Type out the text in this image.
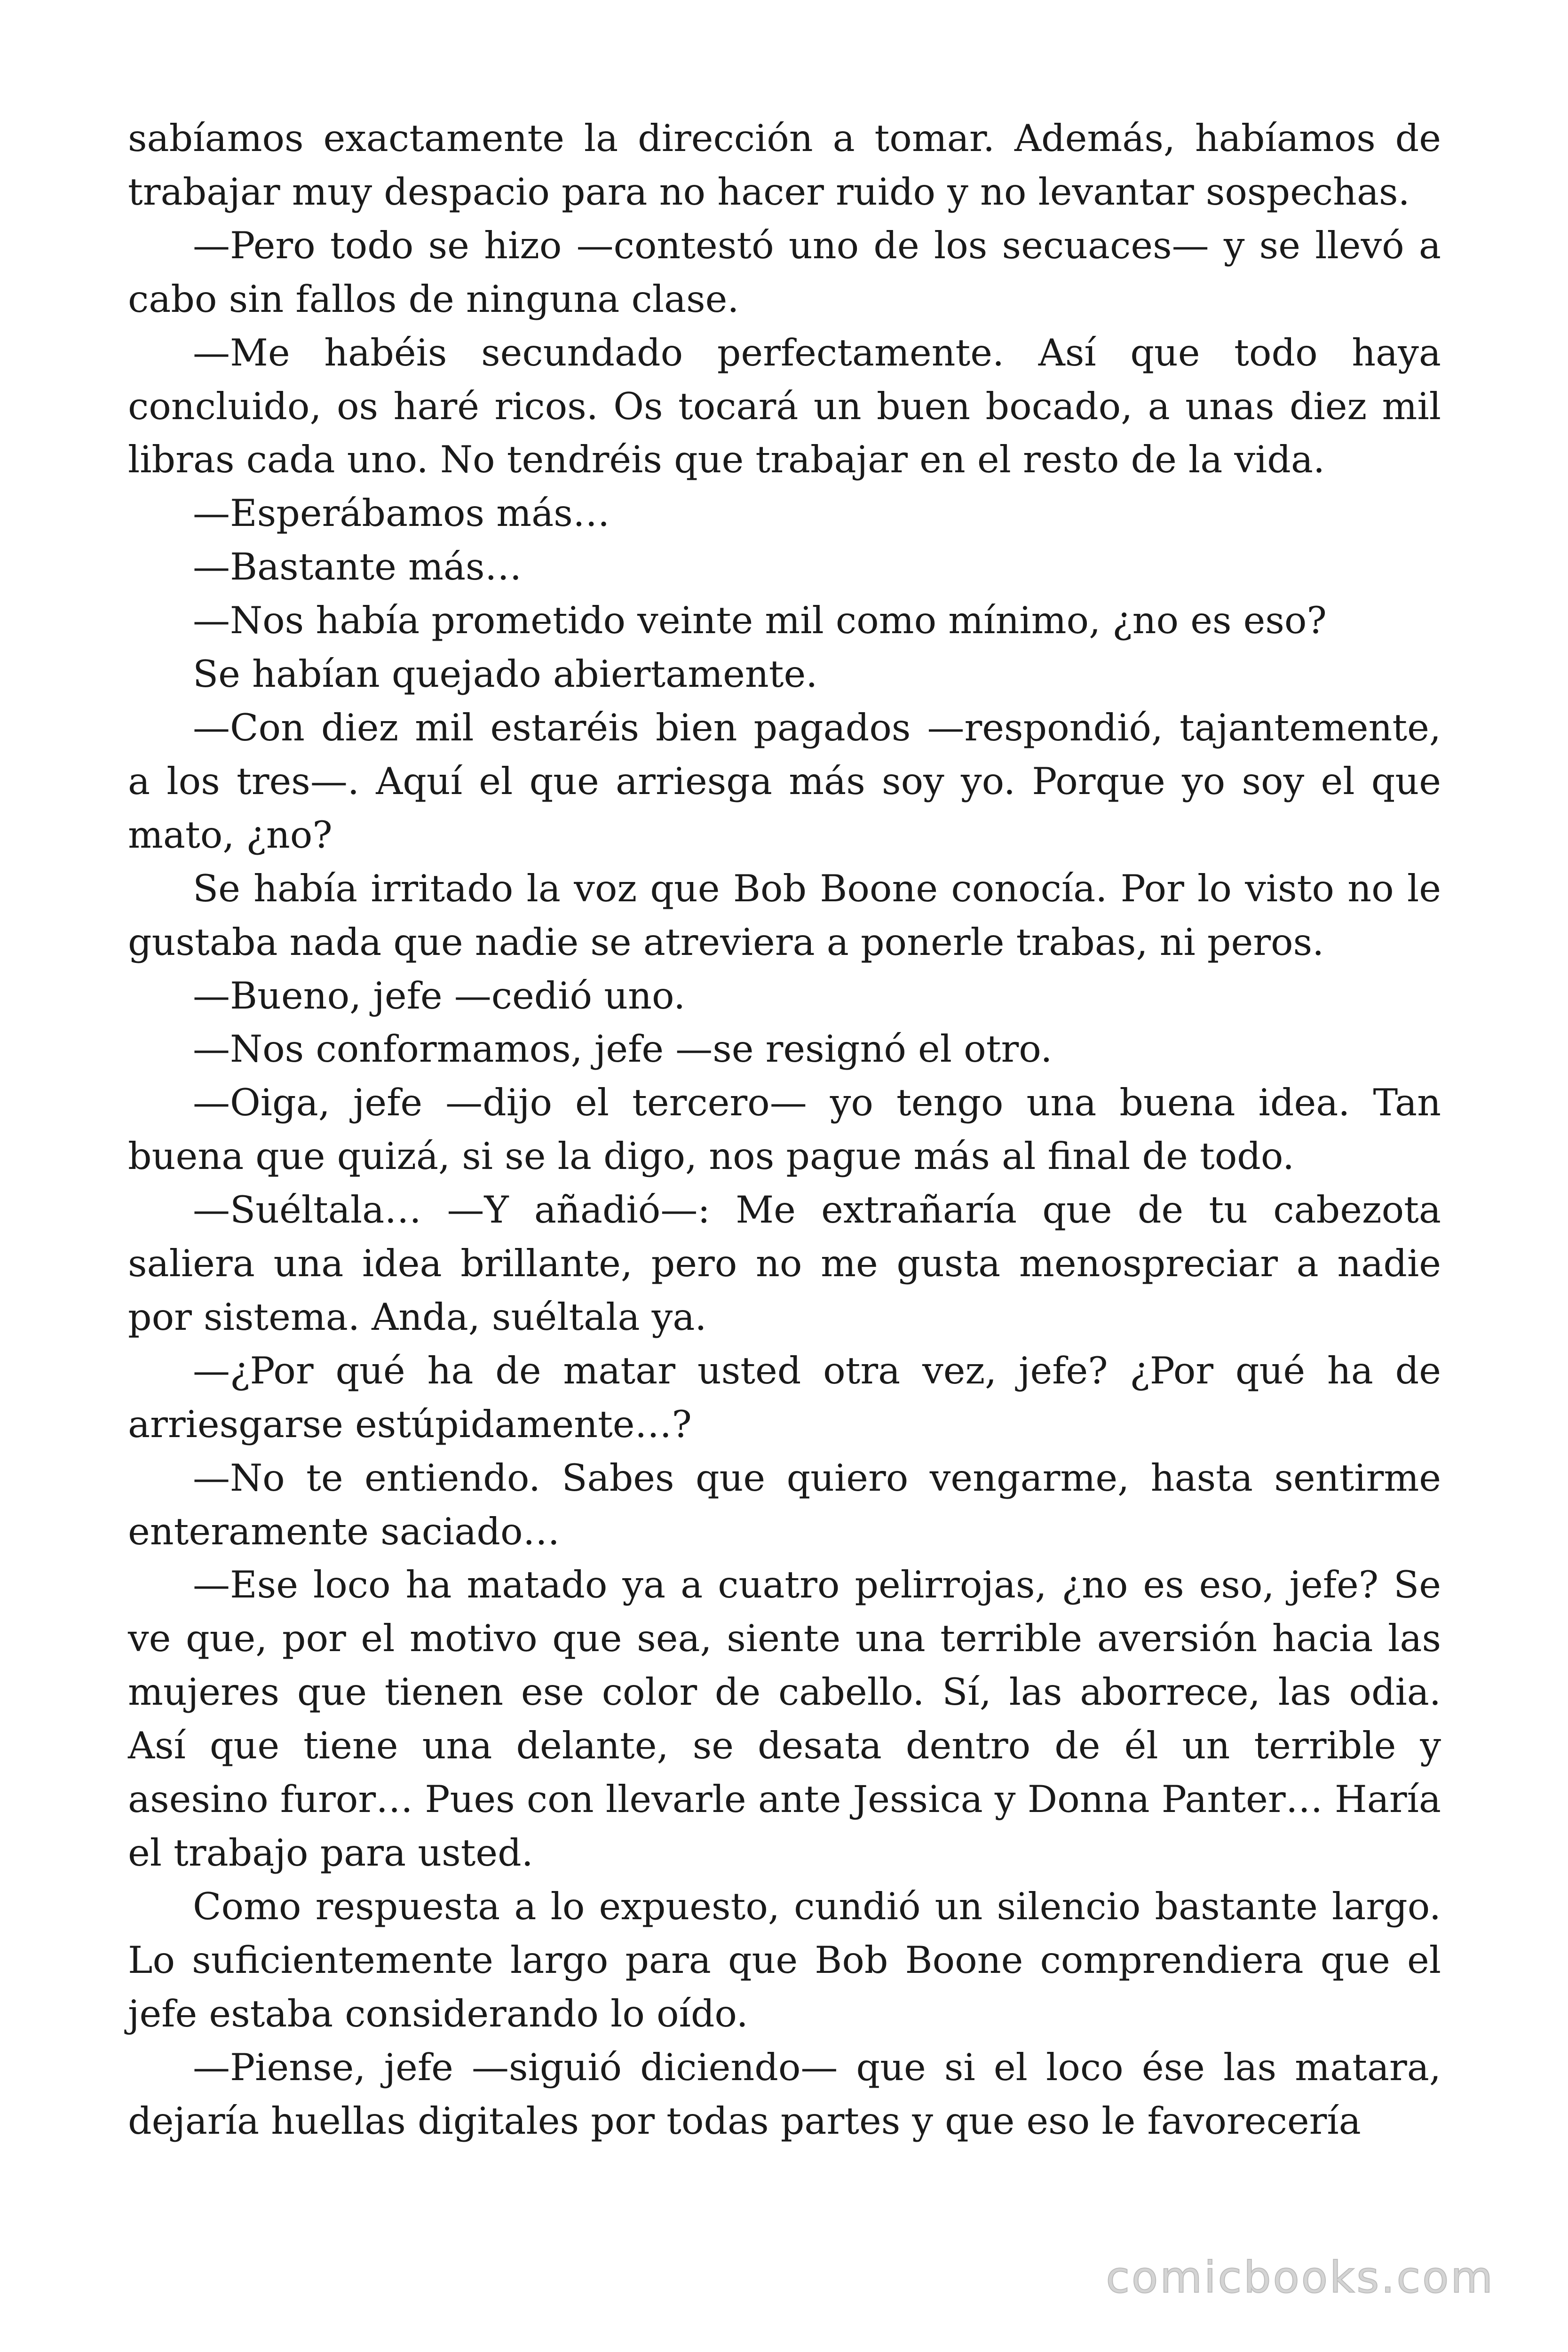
sabíamos exactamente la dirección a tomar. Además, habíamos de trabajar muy despacio para no hacer ruido y no levantar sospechas.

—Pero todo se hizo —contestó uno de los secuaces— y se llevó a cabo sin fallos de ninguna clase.

—Me habéis secundado perfectamente. Así que todo haya concluido, os haré ricos. Os tocará un buen bocado, a unas diez mil libras cada uno. No tendréis que trabajar en el resto de la vida.

—Esperábamos más…

—Bastante más…

—Nos había prometido veinte mil como mínimo, ¿no es eso?

Se habían quejado abiertamente.

—Con diez mil estaréis bien pagados —respondió, tajantemente, a los tres—. Aquí el que arriesga más soy yo. Porque yo soy el que mato, ¿no?

Se había irritado la voz que Bob Boone conocía. Por lo visto no le gustaba nada que nadie se atreviera a ponerle trabas, ni peros.

—Bueno, jefe —cedió uno.

—Nos conformamos, jefe —se resignó el otro.

—Oiga, jefe —dijo el tercero— yo tengo una buena idea. Tan buena que quizá, si se la digo, nos pague más al final de todo.

—Suéltala… —Y añadió—: Me extrañaría que de tu cabezota saliera una idea brillante, pero no me gusta menospreciar a nadie por sistema. Anda, suéltala ya.

—¿Por qué ha de matar usted otra vez, jefe? ¿Por qué ha de arriesgarse estúpidamente…?

—No te entiendo. Sabes que quiero vengarme, hasta sentirme enteramente saciado…

—Ese loco ha matado ya a cuatro pelirrojas, ¿no es eso, jefe? Se ve que, por el motivo que sea, siente una terrible aversión hacia las mujeres que tienen ese color de cabello. Sí, las aborrece, las odia. Así que tiene una delante, se desata dentro de él un terrible y asesino furor… Pues con llevarle ante Jessica y Donna Panter… Haría el trabajo para usted.

Como respuesta a lo expuesto, cundió un silencio bastante largo. Lo suficientemente largo para que Bob Boone comprendiera que el jefe estaba considerando lo oído.

—Piense, jefe —siguió diciendo— que si el loco ése las matara, dejaría huellas digitales por todas partes y que eso le favorecería

comicbooks.com
